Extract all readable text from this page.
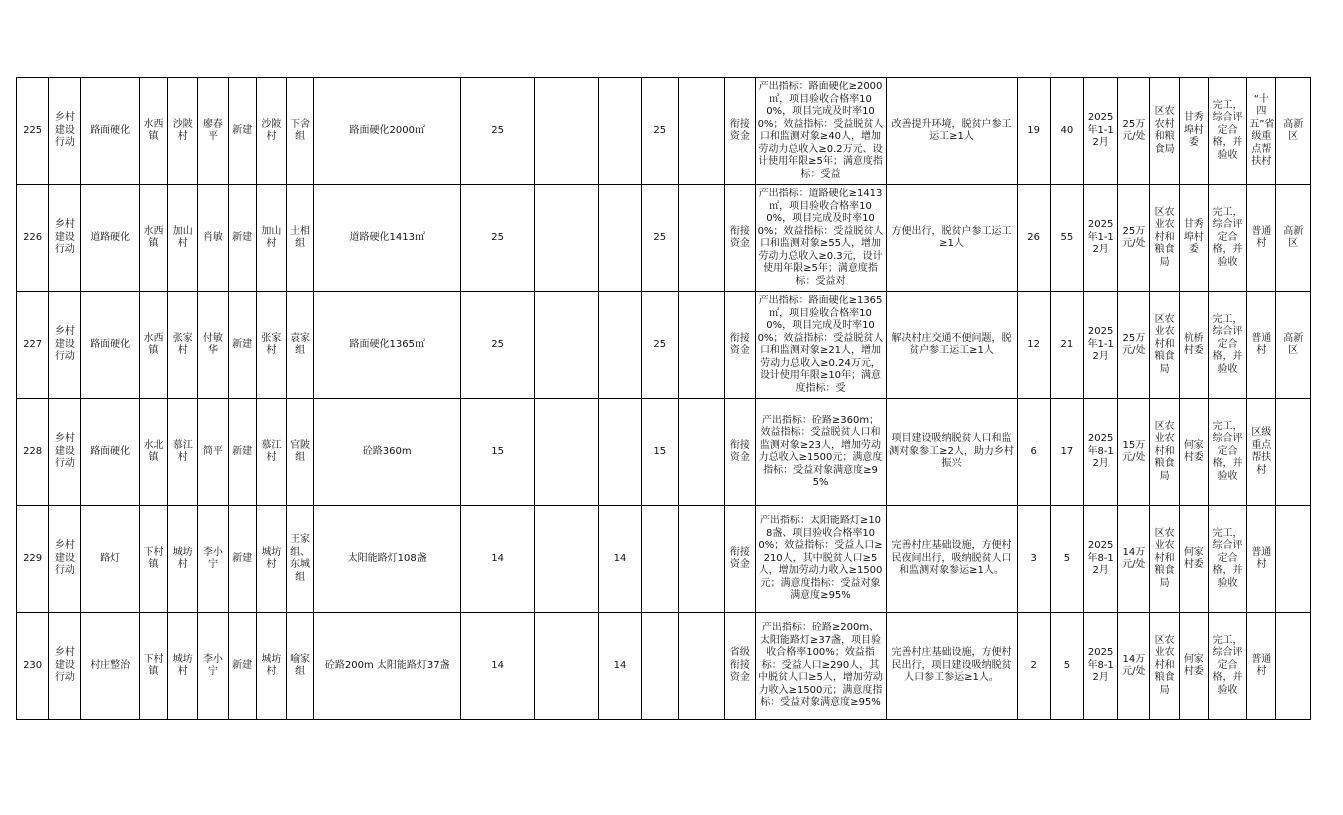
225	乡村建设行动	路面硬化	水西镇	沙陂村	廖春平	新建	沙陂村	下舍组	路面硬化2000㎡	25			25		衔接资金	产出指标：路面硬化≥2000㎡，项目验收合格率100%，项目完成及时率100%；效益指标：受益脱贫人口和监测对象≥40人，增加劳动力总收入≥0.2万元、设计使用年限≥5年；满意度指标：受益	改善提升环境，脱贫户参工运工≥1人	19	40	2025年1-12月	25万元/处	区农农村和粮食局	甘秀埠村委	完工，综合评定合格，并验收	“十四五”省级重点帮扶村	高新区
226	乡村建设行动	道路硬化	水西镇	加山村	肖敏	新建	加山村	土相组	道路硬化1413㎡	25			25		衔接资金	产出指标：道路硬化≥1413㎡，项目验收合格率100%，项目完成及时率100%；效益指标：受益脱贫人口和监测对象≥55人，增加劳动力总收入≥0.3元，设计使用年限≥5年；满意度指标：受益对	方便出行，脱贫户参工运工≥1人	26	55	2025年1-12月	25万元/处	区农业农村和粮食局	甘秀埠村委	完工，综合评定合格，并验收	普通村	高新区
227	乡村建设行动	路面硬化	水西镇	张家村	付敏华	新建	张家村	袁家组	路面硬化1365㎡	25			25		衔接资金	产出指标：路面硬化≥1365㎡，项目验收合格率100%，项目完成及时率100%；效益指标：受益脱贫人口和监测对象≥21人，增加劳动力总收入≥0.24万元，设计使用年限≥10年；满意度指标：受	解决村庄交通不便问题，脱贫户参工运工≥1人	12	21	2025年1-12月	25万元/处	区农业农村和粮食局	杭桥村委	完工，综合评定合格，并验收	普通村	高新区
228	乡村建设行动	路面硬化	水北镇	慕江村	简平	新建	慕江村	官陂组	砼路360m	15			15		衔接资金	产出指标：砼路≥360m；效益指标：受益脱贫人口和监测对象≥23人，增加劳动力总收入≥1500元；满意度指标：受益对象满意度≥95%	项目建设吸纳脱贫人口和监测对象参工≥2人，助力乡村振兴	6	17	2025年8-12月	15万元/处	区农业农村和粮食局	何家村委	完工，综合评定合格，并验收	区级重点帮扶村	
229	乡村建设行动	路灯	下村镇	城坊村	李小宁	新建	城坊村	王家组、东城组	太阳能路灯108盏	14		14			衔接资金	产出指标：太阳能路灯≥108盏、项目验收合格率100%；效益指标：受益人口≥210人，其中脱贫人口≥5人，增加劳动力收入≥1500元；满意度指标：受益对象满意度≥95%	完善村庄基础设施，方便村民夜间出行，吸纳脱贫人口和监测对象参运≥1人。	3	5	2025年8-12月	14万元/处	区农业农村和粮食局	何家村委	完工，综合评定合格，并验收	普通村	
230	乡村建设行动	村庄整治	下村镇	城坊村	李小宁	新建	城坊村	喻家组	砼路200m 太阳能路灯37盏	14		14			省级衔接资金	产出指标：砼路≥200m、太阳能路灯≥37盏，项目验收合格率100%；效益指标：受益人口≥290人，其中脱贫人口≥5人，增加劳动力收入≥1500元；满意度指标：受益对象满意度≥95%	完善村庄基础设施，方便村民出行，项目建设吸纳脱贫人口参工参运≥1人。	2	5	2025年8-12月	14万元/处	区农业农村和粮食局	何家村委	完工，综合评定合格，并验收	普通村	
